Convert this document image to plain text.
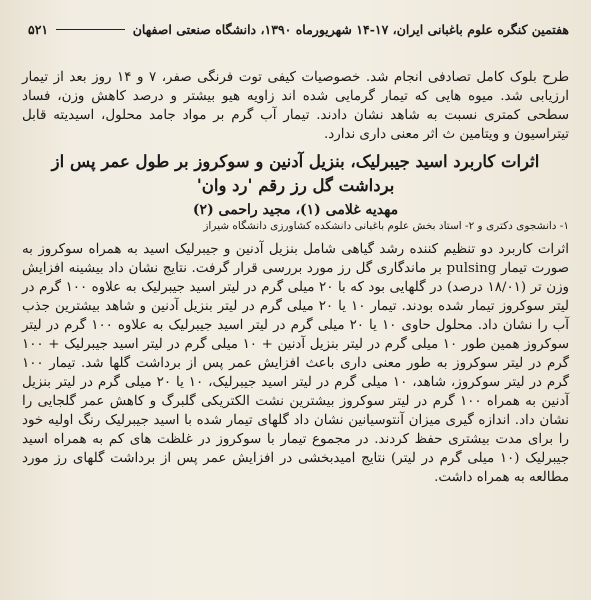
۵۲۱	هفتمین کنگره علوم باغبانی ایران، ۱۷-۱۴ شهریورماه ۱۳۹۰، دانشگاه صنعتی اصفهان

طرح بلوک کامل تصادفی انجام شد. خصوصیات کیفی توت فرنگی صفر، ۷ و ۱۴ روز بعد از تیمار ارزیابی شد. میوه هایی که تیمار گرمایی شده اند زاویه هیو بیشتر و درصد کاهش وزن، فساد سطحی کمتری نسبت به شاهد نشان دادند. تیمار آب گرم بر مواد جامد محلول، اسیدیته قابل تیتراسیون و ویتامین ث اثر معنی داری ندارد.

اثرات کاربرد اسید جیبرلیک، بنزیل آدنین و سوکروز بر طول عمر پس از برداشت گل رز رقم 'رد وان'
مهدیه غلامی (۱)، مجید راحمی (۲)
۱- دانشجوی دکتری و ۲- استاد بخش علوم باغبانی دانشکده کشاورزی دانشگاه شیراز

اثرات کاربرد دو تنظیم کننده رشد گیاهی شامل بنزیل آدنین و جیبرلیک اسید به همراه سوکروز به صورت تیمار pulsing بر ماندگاری گل رز مورد بررسی قرار گرفت. نتایج نشان داد بیشینه افزایش وزن تر (۱۸/۰۱ درصد) در گلهایی بود که با ۲۰ میلی گرم در لیتر اسید جیبرلیک به علاوه ۱۰۰ گرم در لیتر سوکروز تیمار شده بودند. تیمار ۱۰ یا ۲۰ میلی گرم در لیتر بنزیل آدنین و شاهد بیشترین جذب آب را نشان داد. محلول حاوی ۱۰ یا ۲۰ میلی گرم در لیتر اسید جیبرلیک به علاوه ۱۰۰ گرم در لیتر سوکروز همین طور ۱۰ میلی گرم در لیتر بنزیل آدنین + ۱۰ میلی گرم در لیتر اسید جیبرلیک + ۱۰۰ گرم در لیتر سوکروز به طور معنی داری باعث افزایش عمر پس از برداشت گلها شد. تیمار ۱۰۰ گرم در لیتر سوکروز، شاهد، ۱۰ میلی گرم در لیتر اسید جیبرلیک، ۱۰ یا ۲۰ میلی گرم در لیتر بنزیل آدنین به همراه ۱۰۰ گرم در لیتر سوکروز بیشترین نشت الکتریکی گلبرگ و کاهش عمر گلجایی را نشان داد. اندازه گیری میزان آنتوسیانین نشان داد گلهای تیمار شده با اسید جیبرلیک رنگ اولیه خود را برای مدت بیشتری حفظ کردند. در مجموع تیمار با سوکروز در غلظت های کم به همراه اسید جیبرلیک (۱۰ میلی گرم در لیتر) نتایج امیدبخشی در افزایش عمر پس از برداشت گلهای رز مورد مطالعه به همراه داشت.
